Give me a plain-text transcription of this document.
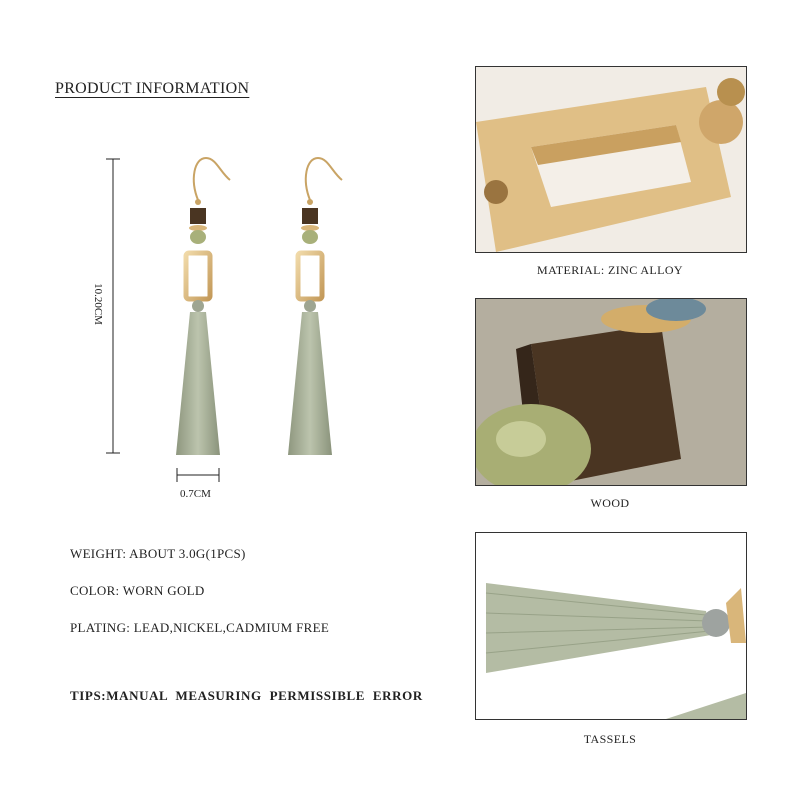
PRODUCT INFORMATION
10.20CM
0.7CM
WEIGHT: ABOUT 3.0G(1PCS)
COLOR: WORN GOLD
PLATING: LEAD,NICKEL,CADMIUM FREE
TIPS:MANUAL MEASURING PERMISSIBLE ERROR
MATERIAL: ZINC ALLOY
WOOD
TASSELS
